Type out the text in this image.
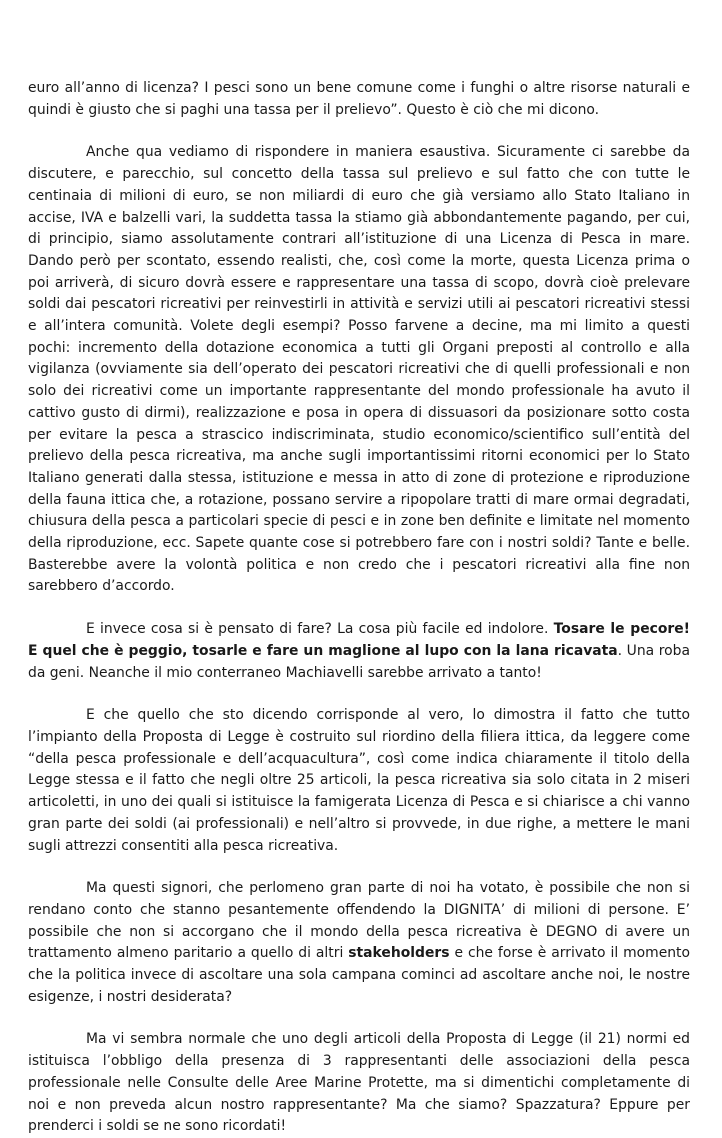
euro all’anno di licenza? I pesci sono un bene comune come i funghi o altre risorse naturali e quindi è giusto che si paghi una tassa per il prelievo”. Questo è ciò che mi dicono.

Anche qua vediamo di rispondere in maniera esaustiva. Sicuramente ci sarebbe da discutere, e parecchio, sul concetto della tassa sul prelievo e sul fatto che con tutte le centinaia di milioni di euro, se non miliardi di euro che già versiamo allo Stato Italiano in accise, IVA e balzelli vari, la suddetta tassa la stiamo già abbondantemente pagando, per cui, di principio, siamo assolutamente contrari all’istituzione di una Licenza di Pesca in mare. Dando però per scontato, essendo realisti, che, così come la morte, questa Licenza prima o poi arriverà, di sicuro dovrà essere e rappresentare una tassa di scopo, dovrà cioè prelevare soldi dai pescatori ricreativi per reinvestirli in attività e servizi utili ai pescatori ricreativi stessi e all’intera comunità. Volete degli esempi? Posso farvene a decine, ma mi limito a questi pochi: incremento della dotazione economica a tutti gli Organi preposti al controllo e alla vigilanza (ovviamente sia dell’operato dei pescatori ricreativi che di quelli professionali e non solo dei ricreativi come un importante rappresentante del mondo professionale ha avuto il cattivo gusto di dirmi), realizzazione e posa in opera di dissuasori da posizionare sotto costa per evitare la pesca a strascico indiscriminata, studio economico/scientifico sull’entità del prelievo della pesca ricreativa, ma anche sugli importantissimi ritorni economici per lo Stato Italiano generati dalla stessa, istituzione e messa in atto di zone di protezione e riproduzione della fauna ittica che, a rotazione, possano servire a ripopolare tratti di mare ormai degradati, chiusura della pesca a particolari specie di pesci e in zone ben definite e limitate nel momento della riproduzione, ecc. Sapete quante cose si potrebbero fare con i nostri soldi? Tante e belle. Basterebbe avere la volontà politica e non credo che i pescatori ricreativi alla fine non sarebbero d’accordo.

E invece cosa si è pensato di fare? La cosa più facile ed indolore. Tosare le pecore! E quel che è peggio, tosarle e fare un maglione al lupo con la lana ricavata. Una roba da geni. Neanche il mio conterraneo Machiavelli sarebbe arrivato a tanto!

E che quello che sto dicendo corrisponde al vero, lo dimostra il fatto che tutto l’impianto della Proposta di Legge è costruito sul riordino della filiera ittica, da leggere come “della pesca professionale e dell’acquacultura”, così come indica chiaramente il titolo della Legge stessa e il fatto che negli oltre 25 articoli, la pesca ricreativa sia solo citata in 2 miseri articoletti, in uno dei quali si istituisce la famigerata Licenza di Pesca e si chiarisce a chi vanno gran parte dei soldi (ai professionali) e nell’altro si provvede, in due righe, a mettere le mani sugli attrezzi consentiti alla pesca ricreativa.

Ma questi signori, che perlomeno gran parte di noi ha votato, è possibile che non si rendano conto che stanno pesantemente offendendo la DIGNITA’ di milioni di persone. E’ possibile che non si accorgano che il mondo della pesca ricreativa è DEGNO di avere un trattamento almeno paritario a quello di altri stakeholders e che forse è arrivato il momento che la politica invece di ascoltare una sola campana cominci ad ascoltare anche noi, le nostre esigenze, i nostri desiderata?

Ma vi sembra normale che uno degli articoli della Proposta di Legge (il 21) normi ed istituisca l’obbligo della presenza di 3 rappresentanti delle associazioni della pesca professionale nelle Consulte delle Aree Marine Protette, ma si dimentichi completamente di noi e non preveda alcun nostro rappresentante? Ma che siamo? Spazzatura? Eppure per prenderci i soldi se ne sono ricordati!
